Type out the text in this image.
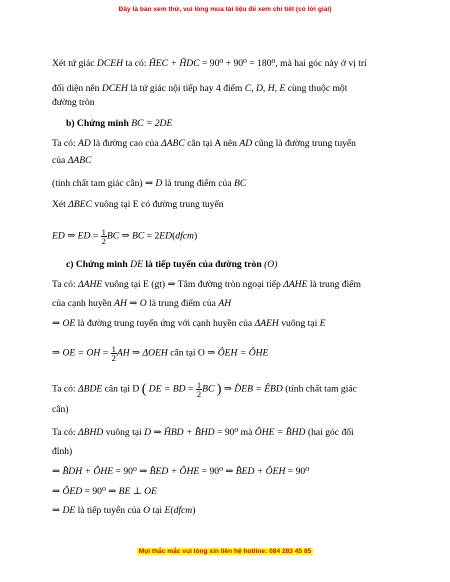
Đây là bản xem thử, vui lòng mua tài liệu để xem chi tiết (có lời giải)
Xét tứ giác DCEH ta có: ĤEC + ĤDC = 90⁰ + 90⁰ = 180⁰, mà hai góc này ở vị trí
đối diện nên DCEH là tứ giác nội tiếp hay 4 điểm C, D, H, E cùng thuộc một
đường tròn
b) Chứng minh BC = 2DE
Ta có: AD là đường cao của ΔABC cân tại A nên AD cũng là đường trung tuyến
của ΔABC
(tính chất tam giác cân) ⇒ D là trung điểm của BC
Xét ΔBEC vuông tại E có đường trung tuyến
ED ⇒ ED = $\frac{1}{2}$ BC ⇒ BC = 2ED(dfcm)
c) Chứng minh DE là tiếp tuyến của đường tròn (O)
Ta có: ΔAHE vuông tại E (gt) ⇒ Tâm đường tròn ngoại tiếp ΔAHE là trung điểm
của cạnh huyền AH ⇒ O là trung điểm của AH
⇒ OE là đường trung tuyến ứng với cạnh huyền của ΔAEH vuông tại E
⇒ OE = OH = $\frac{1}{2}$ AH ⇒ ΔOEH cân tại O ⇒ ÔEH = ÔHE
Ta có: ΔBDE cân tại D ( DE = BD = $\frac{1}{2}$ BC ) ⇒ D̂EB = ÊBD (tính chất tam giác
cân)
Ta có: ΔBHD vuông tại D ⇒ ĤBD + B̂HD = 90⁰ mà ÔHE = B̂HD (hai góc đối
đỉnh)
⇒ B̂DH + ÔHE = 90⁰ ⇒ B̂ED + ÔHE = 90⁰ ⇒ B̂ED + ÔEH = 90⁰
⇒ ÔED = 90⁰ ⇒ BE ⊥ OE
⇒ DE là tiếp tuyến của O tại E(dfcm)
Mọi thắc mắc vui lòng xin liên hệ hotline: 084 283 45 85
